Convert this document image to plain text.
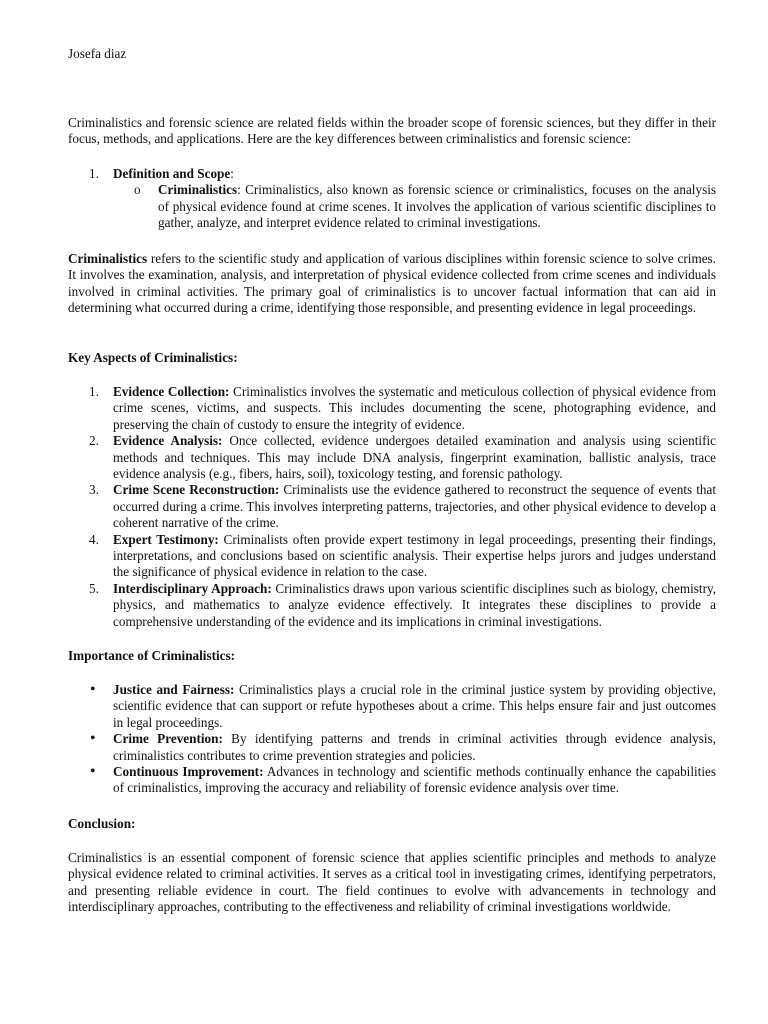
Josefa diaz
Criminalistics and forensic science are related fields within the broader scope of forensic sciences, but they differ in their focus, methods, and applications. Here are the key differences between criminalistics and forensic science:
1. Definition and Scope:
o Criminalistics: Criminalistics, also known as forensic science or criminalistics, focuses on the analysis of physical evidence found at crime scenes. It involves the application of various scientific disciplines to gather, analyze, and interpret evidence related to criminal investigations.
Criminalistics refers to the scientific study and application of various disciplines within forensic science to solve crimes. It involves the examination, analysis, and interpretation of physical evidence collected from crime scenes and individuals involved in criminal activities. The primary goal of criminalistics is to uncover factual information that can aid in determining what occurred during a crime, identifying those responsible, and presenting evidence in legal proceedings.
Key Aspects of Criminalistics:
1. Evidence Collection: Criminalistics involves the systematic and meticulous collection of physical evidence from crime scenes, victims, and suspects. This includes documenting the scene, photographing evidence, and preserving the chain of custody to ensure the integrity of evidence.
2. Evidence Analysis: Once collected, evidence undergoes detailed examination and analysis using scientific methods and techniques. This may include DNA analysis, fingerprint examination, ballistic analysis, trace evidence analysis (e.g., fibers, hairs, soil), toxicology testing, and forensic pathology.
3. Crime Scene Reconstruction: Criminalists use the evidence gathered to reconstruct the sequence of events that occurred during a crime. This involves interpreting patterns, trajectories, and other physical evidence to develop a coherent narrative of the crime.
4. Expert Testimony: Criminalists often provide expert testimony in legal proceedings, presenting their findings, interpretations, and conclusions based on scientific analysis. Their expertise helps jurors and judges understand the significance of physical evidence in relation to the case.
5. Interdisciplinary Approach: Criminalistics draws upon various scientific disciplines such as biology, chemistry, physics, and mathematics to analyze evidence effectively. It integrates these disciplines to provide a comprehensive understanding of the evidence and its implications in criminal investigations.
Importance of Criminalistics:
• Justice and Fairness: Criminalistics plays a crucial role in the criminal justice system by providing objective, scientific evidence that can support or refute hypotheses about a crime. This helps ensure fair and just outcomes in legal proceedings.
• Crime Prevention: By identifying patterns and trends in criminal activities through evidence analysis, criminalistics contributes to crime prevention strategies and policies.
• Continuous Improvement: Advances in technology and scientific methods continually enhance the capabilities of criminalistics, improving the accuracy and reliability of forensic evidence analysis over time.
Conclusion:
Criminalistics is an essential component of forensic science that applies scientific principles and methods to analyze physical evidence related to criminal activities. It serves as a critical tool in investigating crimes, identifying perpetrators, and presenting reliable evidence in court. The field continues to evolve with advancements in technology and interdisciplinary approaches, contributing to the effectiveness and reliability of criminal investigations worldwide.
